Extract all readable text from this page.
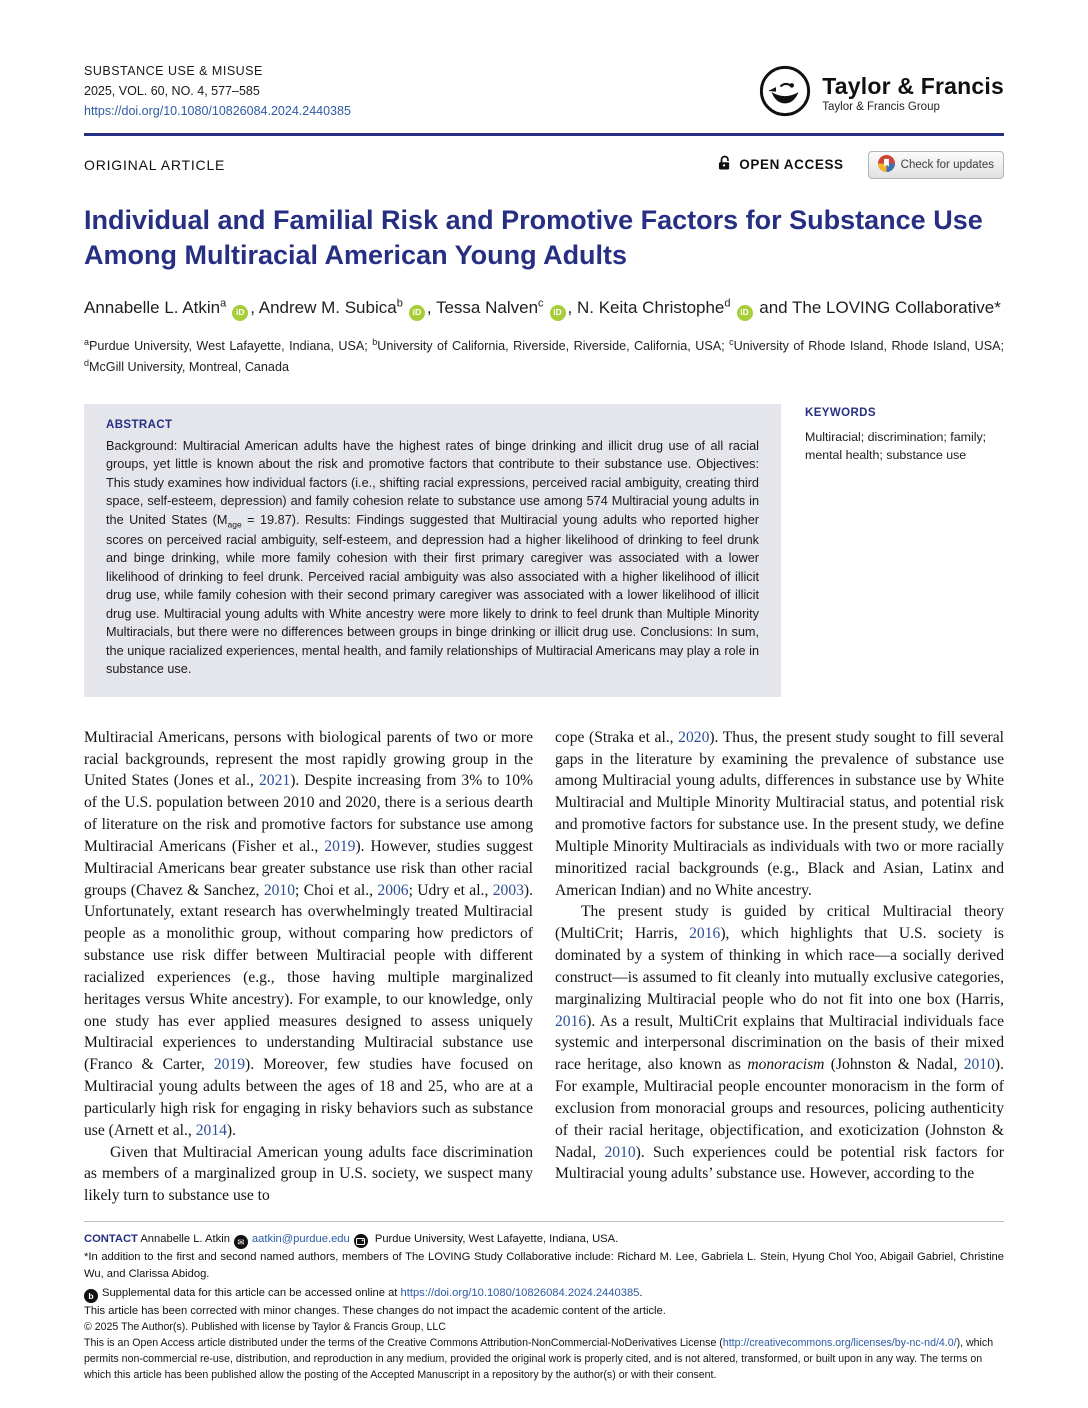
SUBSTANCE USE & MISUSE
2025, VOL. 60, NO. 4, 577–585
https://doi.org/10.1080/10826084.2024.2440385
Taylor & Francis
Taylor & Francis Group
ORIGINAL ARTICLE	OPEN ACCESS	Check for updates
Individual and Familial Risk and Promotive Factors for Substance Use Among Multiracial American Young Adults
Annabelle L. Atkin$^a$iD , Andrew M. Subica$^b$iD , Tessa Nalven$^c$iD , N. Keita Christophe$^d$iD and The LOVING Collaborative*
$^a$Purdue University, West Lafayette, Indiana, USA; $^b$University of California, Riverside, Riverside, California, USA; $^c$University of Rhode Island, Rhode Island, USA; $^d$McGill University, Montreal, Canada
ABSTRACT
Background: Multiracial American adults have the highest rates of binge drinking and illicit drug use of all racial groups, yet little is known about the risk and promotive factors that contribute to their substance use. Objectives: This study examines how individual factors (i.e., shifting racial expressions, perceived racial ambiguity, creating third space, self-esteem, depression) and family cohesion relate to substance use among 574 Multiracial young adults in the United States $(M_{age} = 19.87)$. Results: Findings suggested that Multiracial young adults who reported higher scores on perceived racial ambiguity, self-esteem, and depression had a higher likelihood of drinking to feel drunk and binge drinking, while more family cohesion with their first primary caregiver was associated with a lower likelihood of drinking to feel drunk. Perceived racial ambiguity was also associated with a higher likelihood of illicit drug use, while family cohesion with their second primary caregiver was associated with a lower likelihood of illicit drug use. Multiracial young adults with White ancestry were more likely to drink to feel drunk than Multiple Minority Multiracials, but there were no differences between groups in binge drinking or illicit drug use. Conclusions: In sum, the unique racialized experiences, mental health, and family relationships of Multiracial Americans may play a role in substance use.
KEYWORDS
Multiracial; discrimination; family; mental health; substance use

Multiracial Americans, persons with biological parents of two or more racial backgrounds, represent the most rapidly growing group in the United States (Jones et al., 2021). Despite increasing from 3% to 10% of the U.S. population between 2010 and 2020, there is a serious dearth of literature on the risk and promotive factors for substance use among Multiracial Americans (Fisher et al., 2019). However, studies suggest Multiracial Americans bear greater substance use risk than other racial groups (Chavez & Sanchez, 2010; Choi et al., 2006; Udry et al., 2003). Unfortunately, extant research has overwhelmingly treated Multiracial people as a monolithic group, without comparing how predictors of substance use risk differ between Multiracial people with different racialized experiences (e.g., those having multiple marginalized heritages versus White ancestry). For example, to our knowledge, only one study has ever applied measures designed to assess uniquely Multiracial experiences to understanding Multiracial substance use (Franco & Carter, 2019). Moreover, few studies have focused on Multiracial young adults between the ages of 18 and 25, who are at a particularly high risk for engaging in risky behaviors such as substance use (Arnett et al., 2014).

Given that Multiracial American young adults face discrimination as members of a marginalized group in U.S. society, we suspect many likely turn to substance use to

cope (Straka et al., 2020). Thus, the present study sought to fill several gaps in the literature by examining the prevalence of substance use among Multiracial young adults, differences in substance use by White Multiracial and Multiple Minority Multiracial status, and potential risk and promotive factors for substance use. In the present study, we define Multiple Minority Multiracials as individuals with two or more racially minoritized racial backgrounds (e.g., Black and Asian, Latinx and American Indian) and no White ancestry.

The present study is guided by critical Multiracial theory (MultiCrit; Harris, 2016), which highlights that U.S. society is dominated by a system of thinking in which race—a socially derived construct—is assumed to fit cleanly into mutually exclusive categories, marginalizing Multiracial people who do not fit into one box (Harris, 2016). As a result, MultiCrit explains that Multiracial individuals face systemic and interpersonal discrimination on the basis of their mixed race heritage, also known as monoracism (Johnston & Nadal, 2010). For example, Multiracial people encounter monoracism in the form of exclusion from monoracial groups and resources, policing authenticity of their racial heritage, objectification, and exoticization (Johnston & Nadal, 2010). Such experiences could be potential risk factors for Multiracial young adults’ substance use. However, according to the

CONTACT Annabelle L. Atkin ✉ aatkin@purdue.edu
Purdue University, West Lafayette, Indiana, USA.
*In addition to the first and second named authors, members of The LOVING Study Collaborative include: Richard M. Lee, Gabriela L. Stein, Hyung Chol Yoo, Abigail Gabriel, Christine Wu, and Clarissa Abidog.
b Supplemental data for this article can be accessed online at https://doi.org/10.1080/10826084.2024.2440385.
This article has been corrected with minor changes. These changes do not impact the academic content of the article.
© 2025 The Author(s). Published with license by Taylor & Francis Group, LLC
This is an Open Access article distributed under the terms of the Creative Commons Attribution-NonCommercial-NoDerivatives License (http://creativecommons.org/licenses/by-nc-nd/4.0/), which permits non-commercial re-use, distribution, and reproduction in any medium, provided the original work is properly cited, and is not altered, transformed, or built upon in any way. The terms on which this article has been published allow the posting of the Accepted Manuscript in a repository by the author(s) or with their consent.
